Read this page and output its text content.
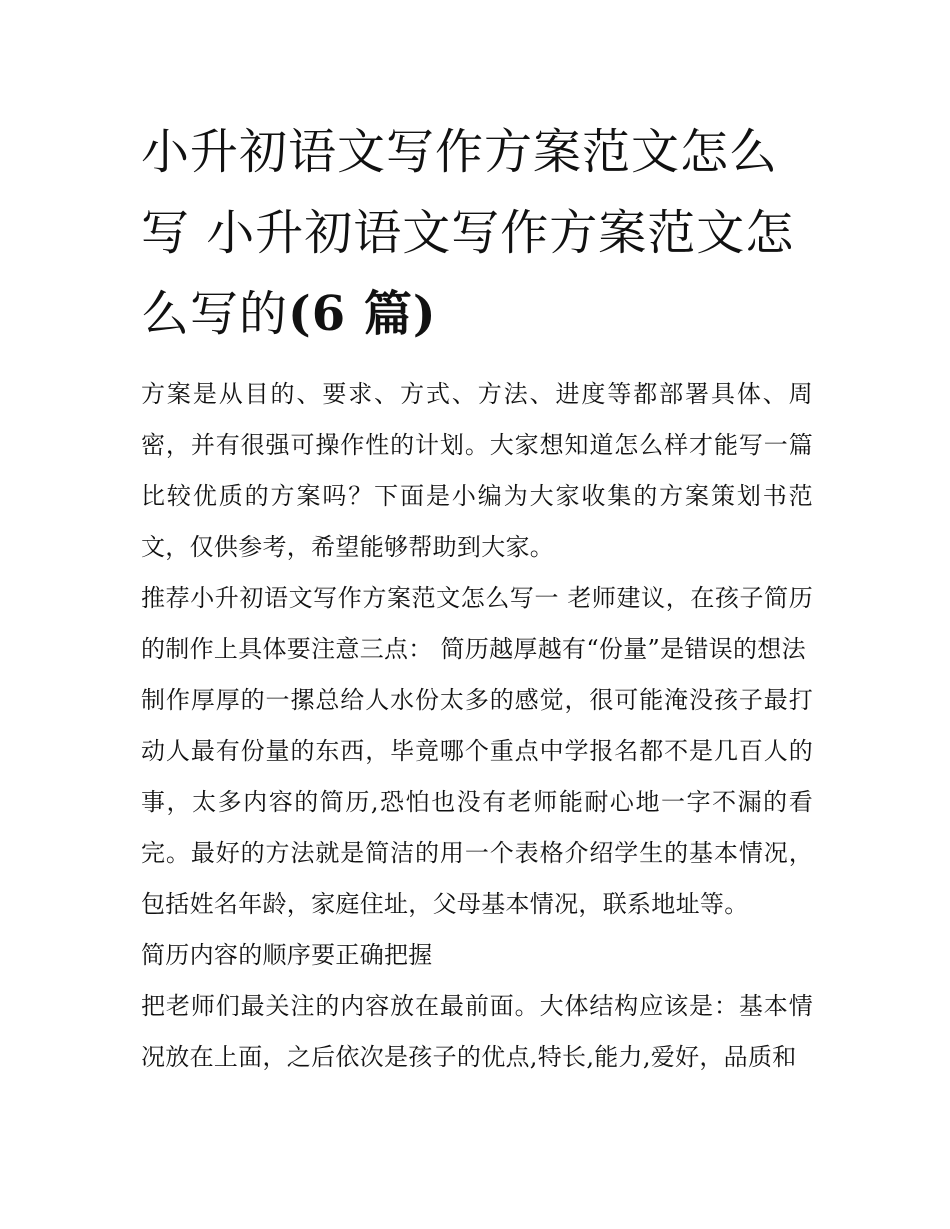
小升初语文写作方案范文怎么写 小升初语文写作方案范文怎么写的(6 篇)

方案是从目的、要求、方式、方法、进度等都部署具体、周密，并有很强可操作性的计划。大家想知道怎么样才能写一篇比较优质的方案吗？下面是小编为大家收集的方案策划书范文，仅供参考，希望能够帮助到大家。

推荐小升初语文写作方案范文怎么写一 老师建议，在孩子简历的制作上具体要注意三点： 简历越厚越有“份量”是错误的想法

制作厚厚的一摞总给人水份太多的感觉，很可能淹没孩子最打动人最有份量的东西，毕竟哪个重点中学报名都不是几百人的事，太多内容的简历,恐怕也没有老师能耐心地一字不漏的看完。最好的方法就是简洁的用一个表格介绍学生的基本情况，包括姓名年龄，家庭住址，父母基本情况，联系地址等。

简历内容的顺序要正确把握

把老师们最关注的内容放在最前面。大体结构应该是：基本情况放在上面，之后依次是孩子的优点,特长,能力,爱好，品质和
